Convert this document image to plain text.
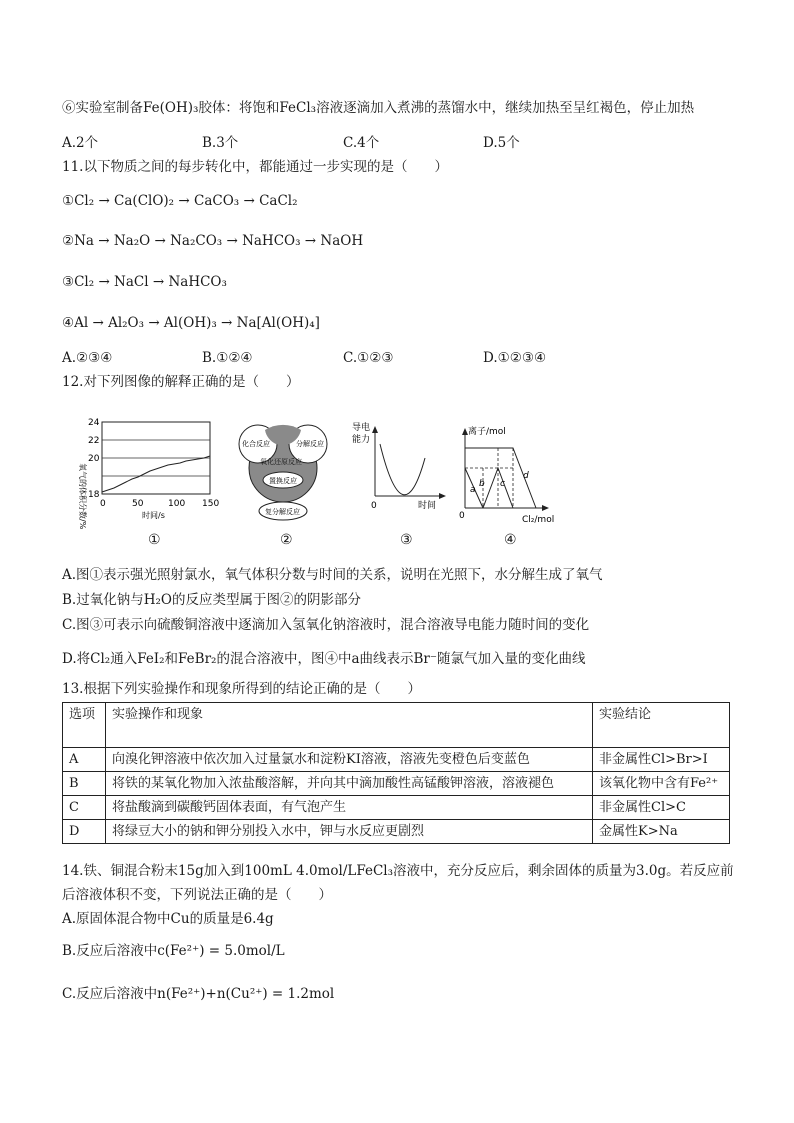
⑥实验室制备Fe(OH)₃胶体：将饱和FeCl₃溶液逐滴加入煮沸的蒸馏水中，继续加热至呈红褐色，停止加热
A.2个	B.3个	C.4个	D.5个
11.以下物质之间的每步转化中，都能通过一步实现的是（　　）
①Cl₂ → Ca(ClO)₂ → CaCO₃ → CaCl₂
②Na → Na₂O → Na₂CO₃ → NaHCO₃ → NaOH
③Cl₂ → NaCl → NaHCO₃
④Al → Al₂O₃ → Al(OH)₃ → Na[Al(OH)₄]
A.②③④	B.①②④	C.①②③	D.①②③④
12.对下列图像的解释正确的是（　　）
氧气的体积分数/%
24
22
20
18
0	50	100 150
时间/s
化合反应	分解反应
氧化还原反应
置换反应
复分解反应
导电
能力
0	时间
离子/mol
a
b c
d
0	Cl₂/mol
①	②	③	④
A.图①表示强光照射氯水，氧气体积分数与时间的关系，说明在光照下，水分解生成了氧气
B.过氧化钠与H₂O的反应类型属于图②的阴影部分
C.图③可表示向硫酸铜溶液中逐滴加入氢氧化钠溶液时，混合溶液导电能力随时间的变化
D.将Cl₂通入FeI₂和FeBr₂的混合溶液中，图④中a曲线表示Br⁻随氯气加入量的变化曲线
13.根据下列实验操作和现象所得到的结论正确的是（　　）
选项	实验操作和现象	实验结论
A	向溴化钾溶液中依次加入过量氯水和淀粉KI溶液，溶液先变橙色后变蓝色	非金属性Cl>Br>I
B	将铁的某氧化物加入浓盐酸溶解，并向其中滴加酸性高锰酸钾溶液，溶液褪色	该氧化物中含有Fe²⁺
C	将盐酸滴到碳酸钙固体表面，有气泡产生	非金属性Cl>C
D	将绿豆大小的钠和钾分别投入水中，钾与水反应更剧烈	金属性K>Na
14.铁、铜混合粉末15g加入到100mL 4.0mol/LFeCl₃溶液中，充分反应后，剩余固体的质量为3.0g。若反应前
后溶液体积不变，下列说法正确的是（　　）
A.原固体混合物中Cu的质量是6.4g
B.反应后溶液中c(Fe²⁺) = 5.0mol/L
C.反应后溶液中n(Fe²⁺)+n(Cu²⁺) = 1.2mol
